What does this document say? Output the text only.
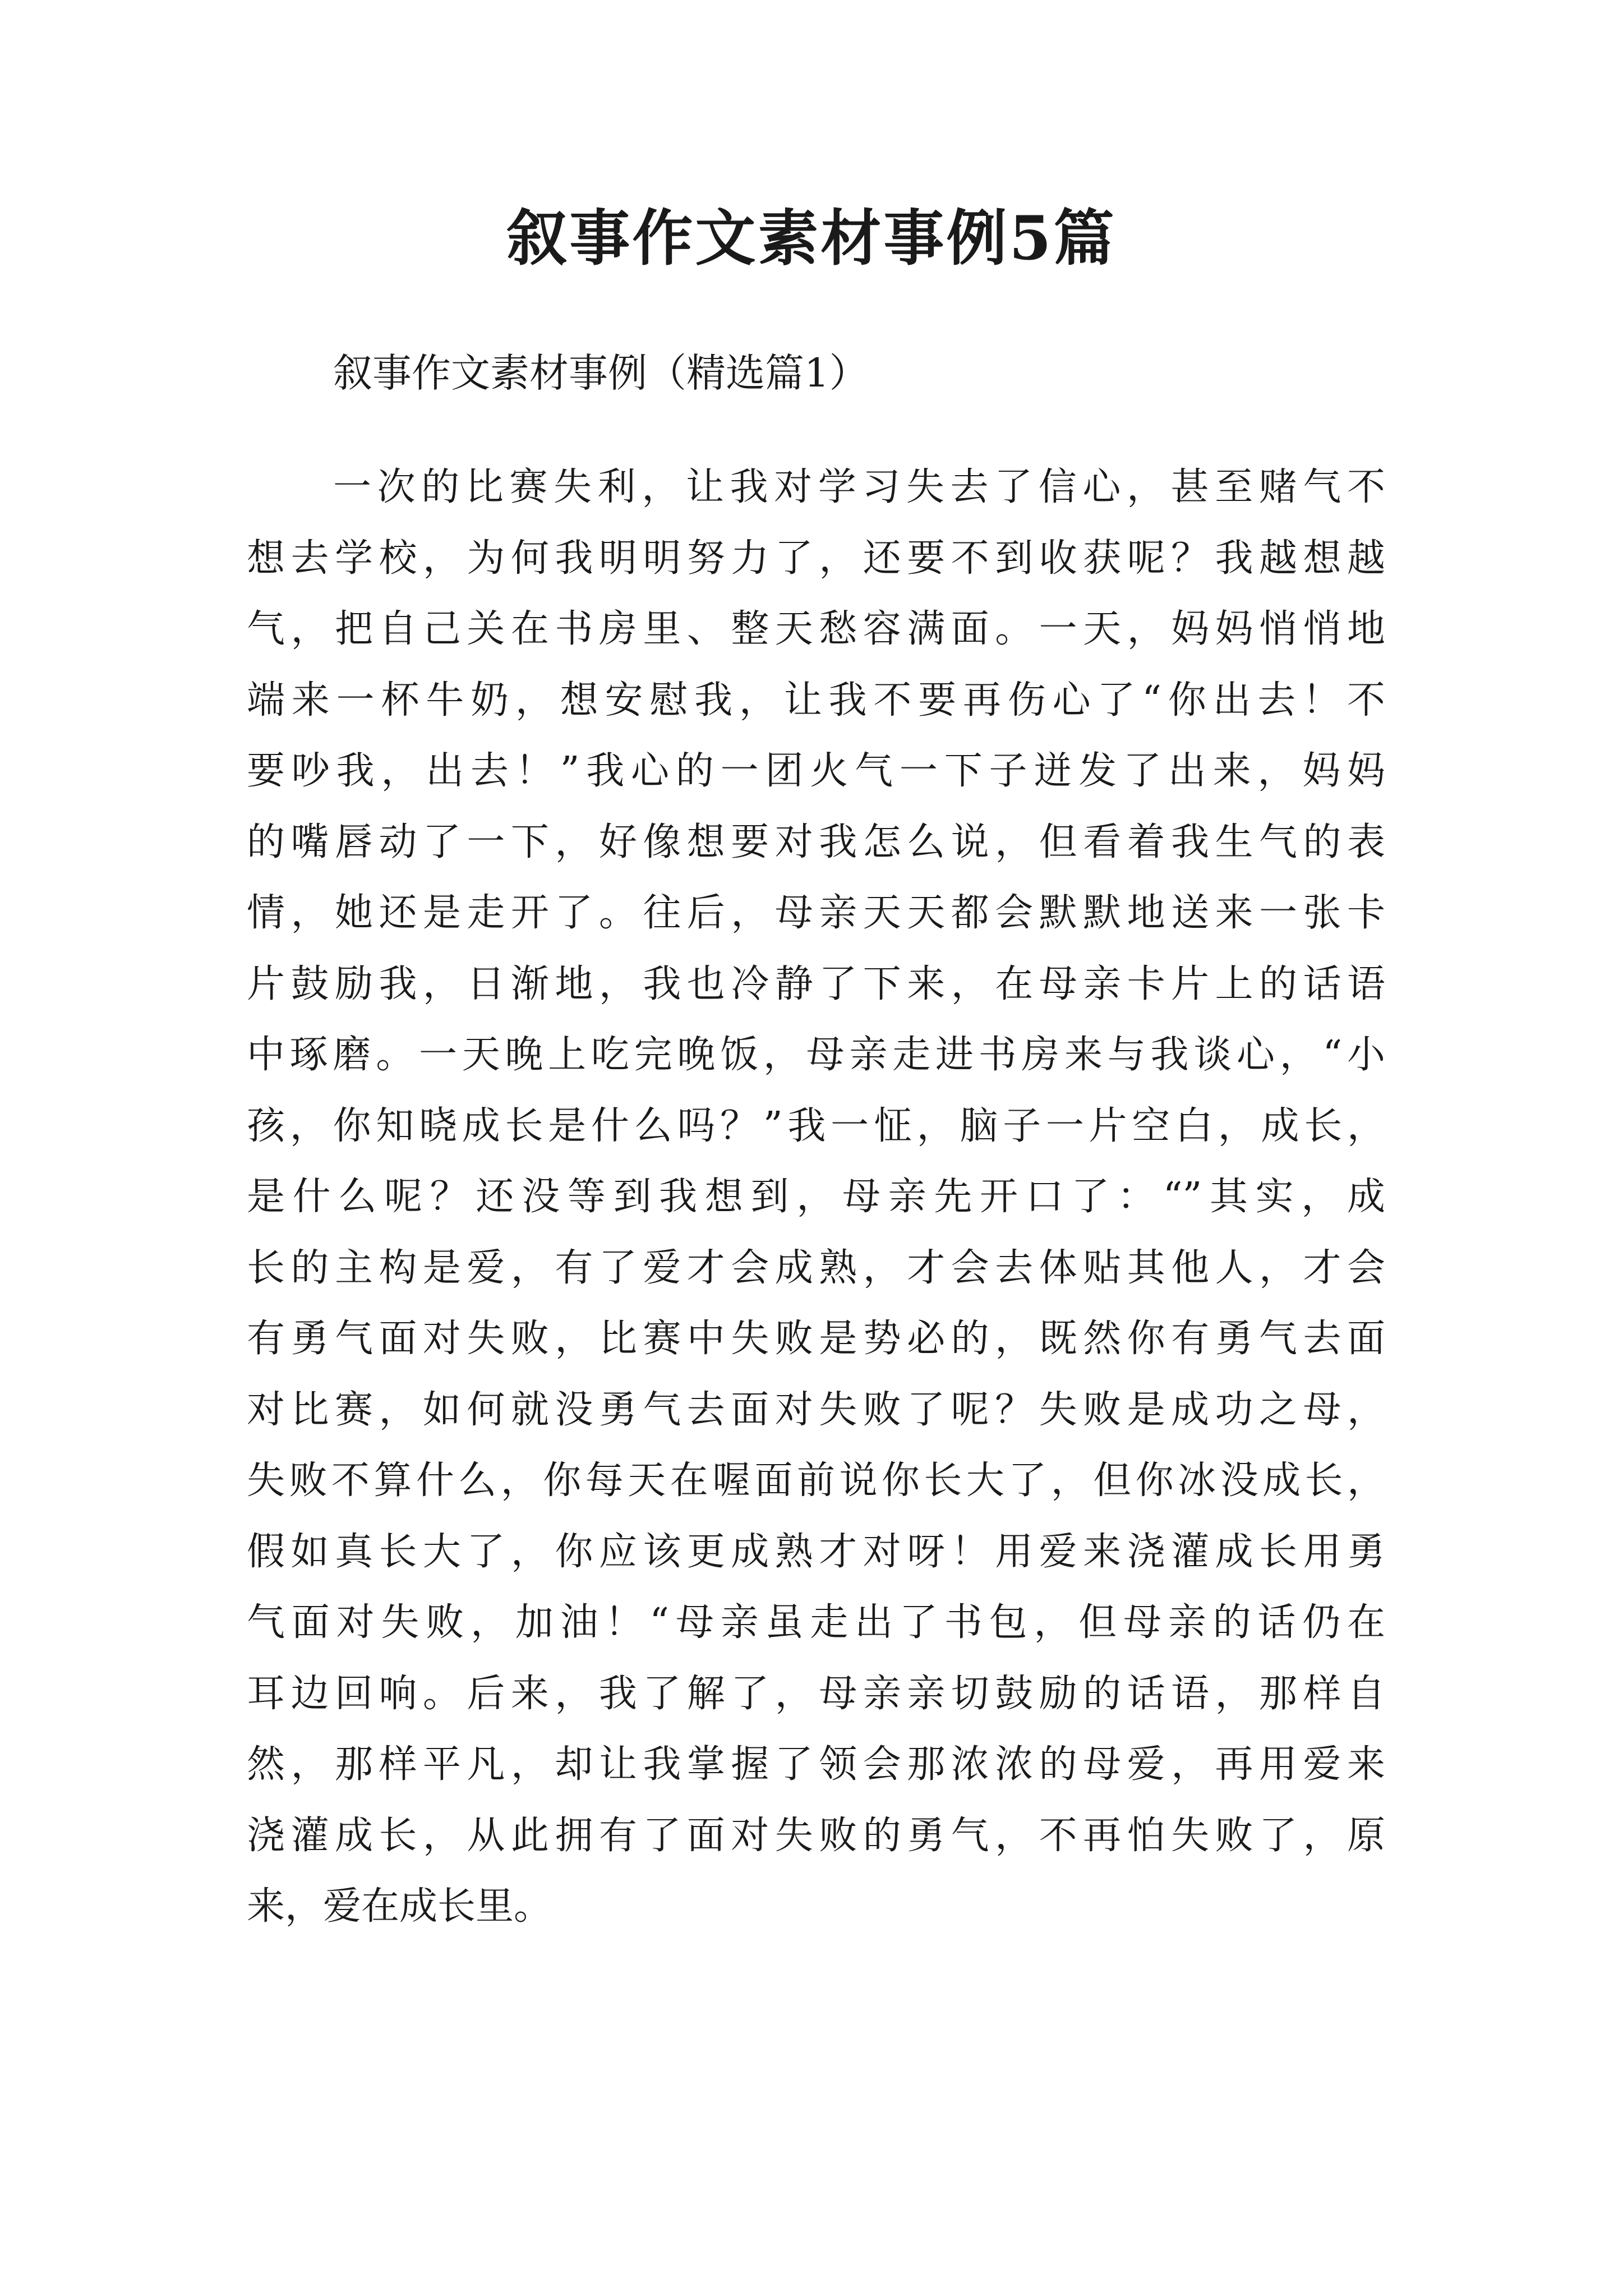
叙事作文素材事例5篇
叙事作文素材事例（精选篇1）
一次的比赛失利，让我对学习失去了信心，甚至赌气不
想去学校，为何我明明努力了，还要不到收获呢？我越想越
气，把自己关在书房里、整天愁容满面。一天，妈妈悄悄地
端来一杯牛奶，想安慰我，让我不要再伤心了“你出去！不
要吵我，出去！”我心的一团火气一下子迸发了出来，妈妈
的嘴唇动了一下，好像想要对我怎么说，但看着我生气的表
情，她还是走开了。往后，母亲天天都会默默地送来一张卡
片鼓励我，日渐地，我也冷静了下来，在母亲卡片上的话语
中琢磨。一天晚上吃完晚饭，母亲走进书房来与我谈心，“小
孩，你知晓成长是什么吗？”我一怔，脑子一片空白，成长，
是什么呢？还没等到我想到，母亲先开口了：“”其实，成
长的主构是爱，有了爱才会成熟，才会去体贴其他人，才会
有勇气面对失败，比赛中失败是势必的，既然你有勇气去面
对比赛，如何就没勇气去面对失败了呢？失败是成功之母，
失败不算什么，你每天在喔面前说你长大了，但你冰没成长，
假如真长大了，你应该更成熟才对呀！用爱来浇灌成长用勇
气面对失败，加油！“母亲虽走出了书包，但母亲的话仍在
耳边回响。后来，我了解了，母亲亲切鼓励的话语，那样自
然，那样平凡，却让我掌握了领会那浓浓的母爱，再用爱来
浇灌成长，从此拥有了面对失败的勇气，不再怕失败了，原
来，爱在成长里。
